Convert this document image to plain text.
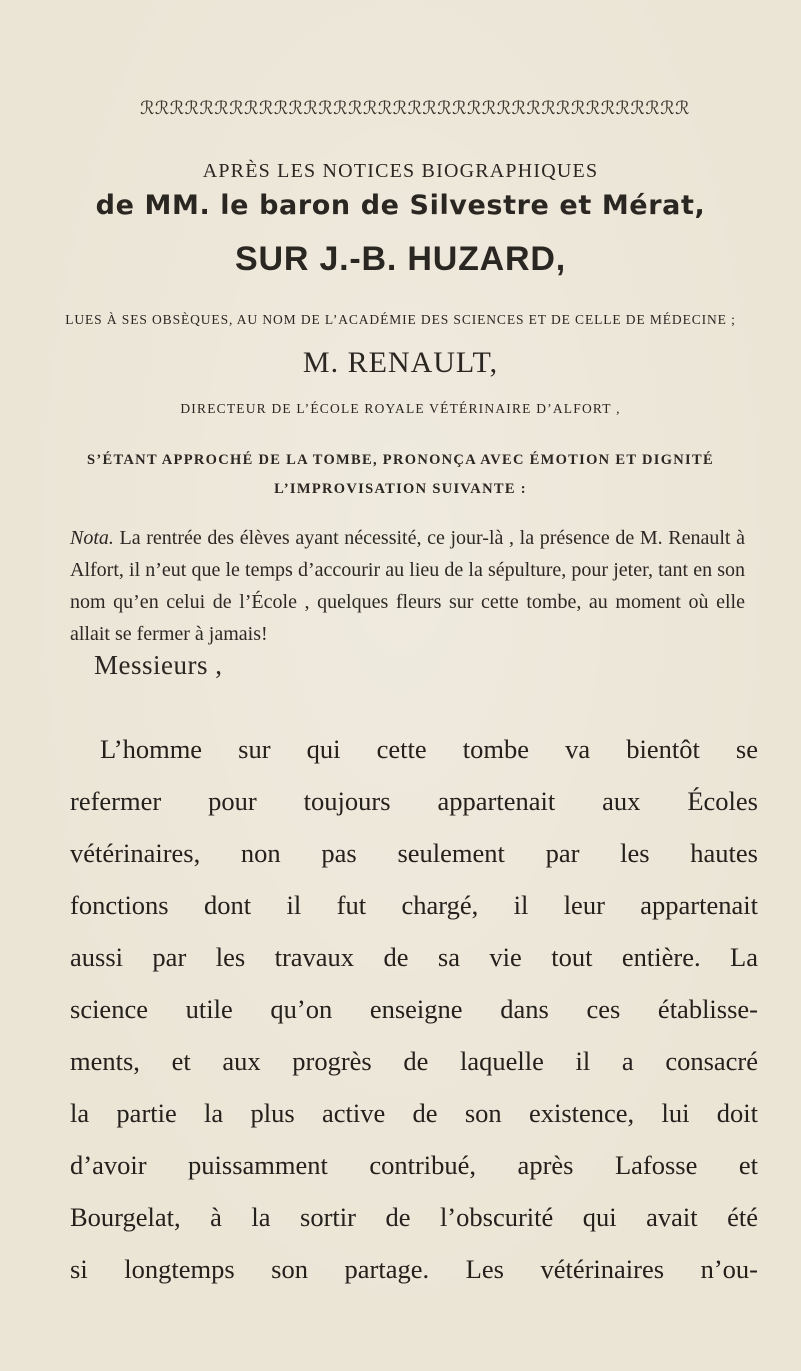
ℛℛℛℛℛℛℛℛℛℛℛℛℛℛℛℛℛℛℛℛℛℛℛℛℛℛℛℛℛℛℛℛℛℛℛℛℛ
APRÈS LES NOTICES BIOGRAPHIQUES
de MM. le baron de Silvestre et Mérat,
SUR J.-B. HUZARD,
LUES À SES OBSÈQUES, AU NOM DE L’ACADÉMIE DES SCIENCES ET DE CELLE DE MÉDECINE ;
M. RENAULT,
DIRECTEUR DE L’ÉCOLE ROYALE VÉTÉRINAIRE D’ALFORT ,
S’ÉTANT APPROCHÉ DE LA TOMBE, PRONONÇA AVEC ÉMOTION ET DIGNITÉ
L’IMPROVISATION SUIVANTE :
Nota. La rentrée des élèves ayant nécessité, ce jour-là , la présence de M. Renault à Alfort, il n’eut que le temps d’accourir au lieu de la sépulture, pour jeter, tant en son nom qu’en celui de l’École , quelques fleurs sur cette tombe, au moment où elle allait se fermer à jamais!
Messieurs ,
L’homme sur qui cette tombe va bientôt se
refermer pour toujours appartenait aux Écoles
vétérinaires, non pas seulement par les hautes
fonctions dont il fut chargé, il leur appartenait
aussi par les travaux de sa vie tout entière. La
science utile qu’on enseigne dans ces établisse-
ments, et aux progrès de laquelle il a consacré
la partie la plus active de son existence, lui doit
d’avoir puissamment contribué, après Lafosse et
Bourgelat, à la sortir de l’obscurité qui avait été
si longtemps son partage. Les vétérinaires n’ou-
